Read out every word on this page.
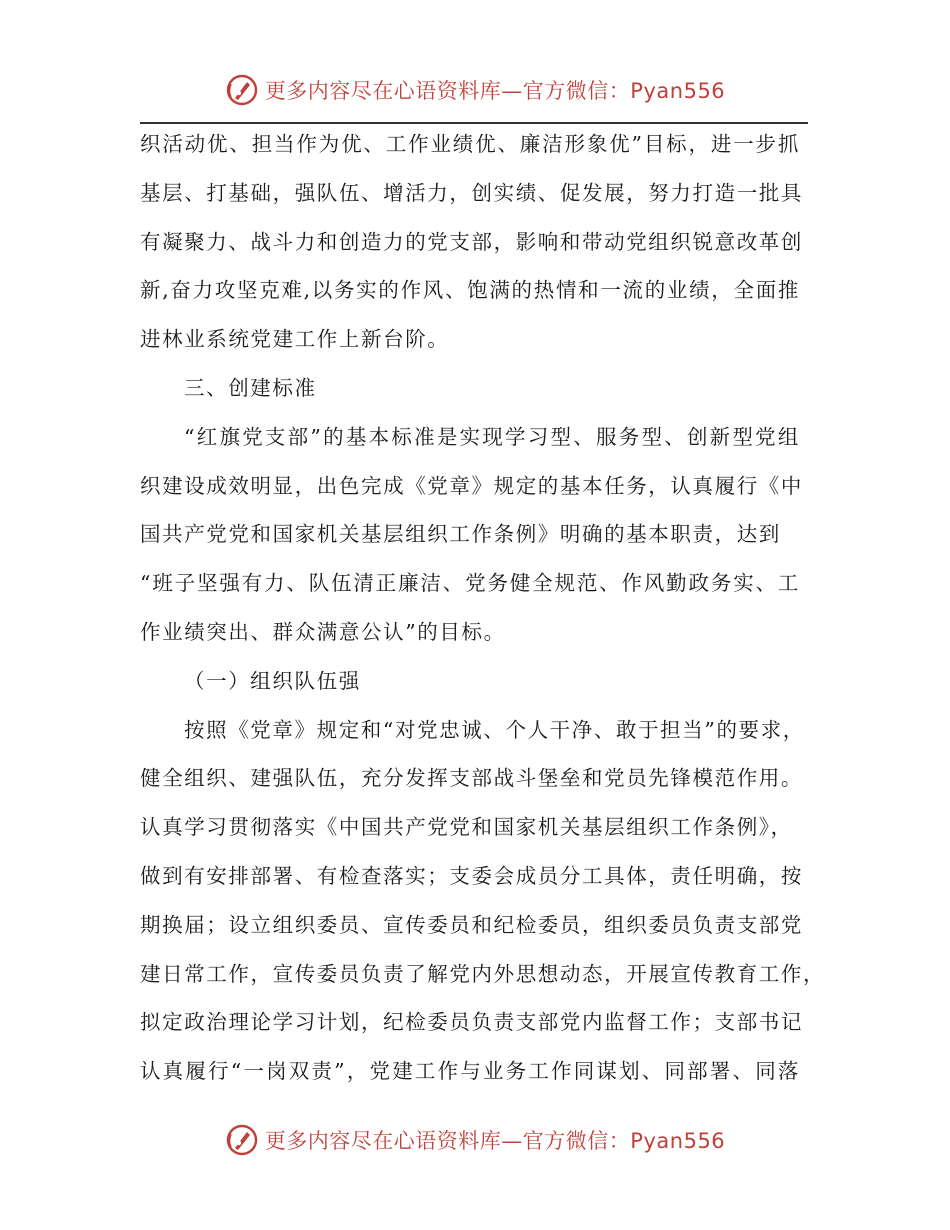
更多内容尽在心语资料库—官方微信：Pyan556
织活动优、担当作为优、工作业绩优、廉洁形象优”目标，进一步抓
基层、打基础，强队伍、增活力，创实绩、促发展，努力打造一批具
有凝聚力、战斗力和创造力的党支部，影响和带动党组织锐意改革创
新,奋力攻坚克难,以务实的作风、饱满的热情和一流的业绩，全面推
进林业系统党建工作上新台阶。
三、创建标准
“红旗党支部”的基本标准是实现学习型、服务型、创新型党组
织建设成效明显，出色完成《党章》规定的基本任务，认真履行《中
国共产党党和国家机关基层组织工作条例》明确的基本职责，达到
“班子坚强有力、队伍清正廉洁、党务健全规范、作风勤政务实、工
作业绩突出、群众满意公认”的目标。
（一）组织队伍强
按照《党章》规定和“对党忠诚、个人干净、敢于担当”的要求，
健全组织、建强队伍，充分发挥支部战斗堡垒和党员先锋模范作用。
认真学习贯彻落实《中国共产党党和国家机关基层组织工作条例》，
做到有安排部署、有检查落实；支委会成员分工具体，责任明确，按
期换届；设立组织委员、宣传委员和纪检委员，组织委员负责支部党
建日常工作，宣传委员负责了解党内外思想动态，开展宣传教育工作，
拟定政治理论学习计划，纪检委员负责支部党内监督工作；支部书记
认真履行“一岗双责”，党建工作与业务工作同谋划、同部署、同落
更多内容尽在心语资料库—官方微信：Pyan556
